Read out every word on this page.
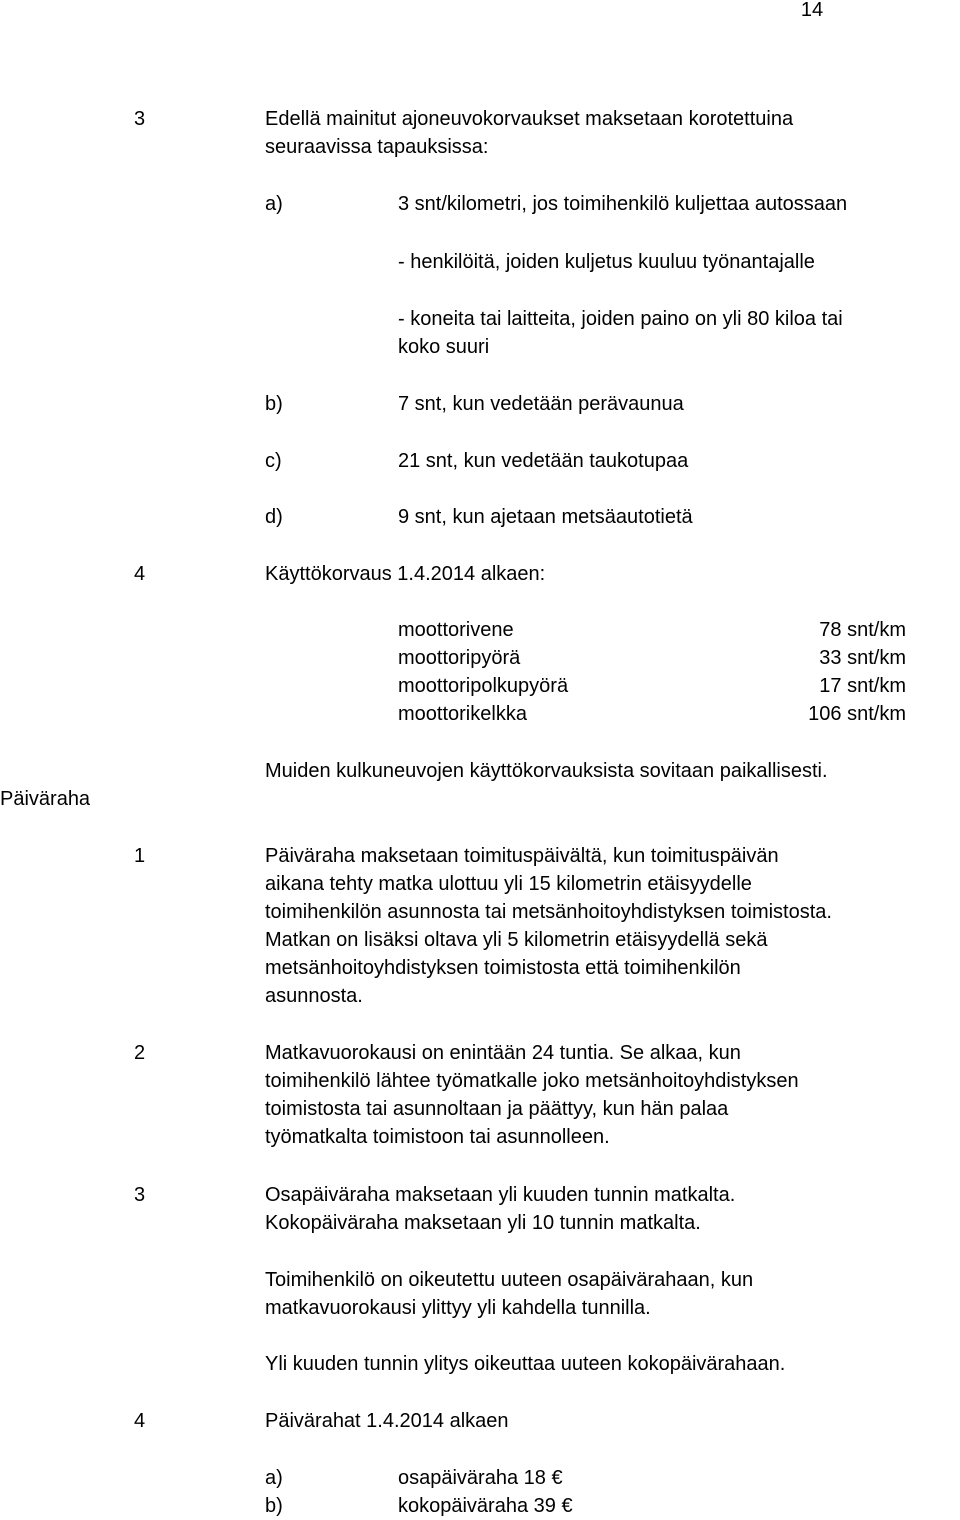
14
3	Edellä mainitut ajoneuvokorvaukset maksetaan korotettuina
seuraavissa tapauksissa:
a)	3 snt/kilometri, jos toimihenkilö kuljettaa autossaan
- henkilöitä, joiden kuljetus kuuluu työnantajalle
- koneita tai laitteita, joiden paino on yli 80 kiloa tai
koko suuri
b)	7 snt, kun vedetään perävaunua
c)	21 snt, kun vedetään taukotupaa
d)	9 snt, kun ajetaan metsäautotietä
4	Käyttökorvaus 1.4.2014 alkaen:
moottorivene	78 snt/km
moottoripyörä	33 snt/km
moottoripolkupyörä	17 snt/km
moottorikelkka	106 snt/km
Muiden kulkuneuvojen käyttökorvauksista sovitaan paikallisesti.
Päiväraha
1	Päiväraha maksetaan toimituspäivältä, kun toimituspäivän
aikana tehty matka ulottuu yli 15 kilometrin etäisyydelle
toimihenkilön asunnosta tai metsänhoitoyhdistyksen toimistosta.
Matkan on lisäksi oltava yli 5 kilometrin etäisyydellä sekä
metsänhoitoyhdistyksen toimistosta että toimihenkilön
asunnosta.
2	Matkavuorokausi on enintään 24 tuntia. Se alkaa, kun
toimihenkilö lähtee työmatkalle joko metsänhoitoyhdistyksen
toimistosta tai asunnoltaan ja päättyy, kun hän palaa
työmatkalta toimistoon tai asunnolleen.
3	Osapäiväraha maksetaan yli kuuden tunnin matkalta.
Kokopäiväraha maksetaan yli 10 tunnin matkalta.
Toimihenkilö on oikeutettu uuteen osapäivärahaan, kun
matkavuorokausi ylittyy yli kahdella tunnilla.
Yli kuuden tunnin ylitys oikeuttaa uuteen kokopäivärahaan.
4	Päivärahat 1.4.2014 alkaen
a)	osapäiväraha 18 €
b)	kokopäiväraha 39 €
